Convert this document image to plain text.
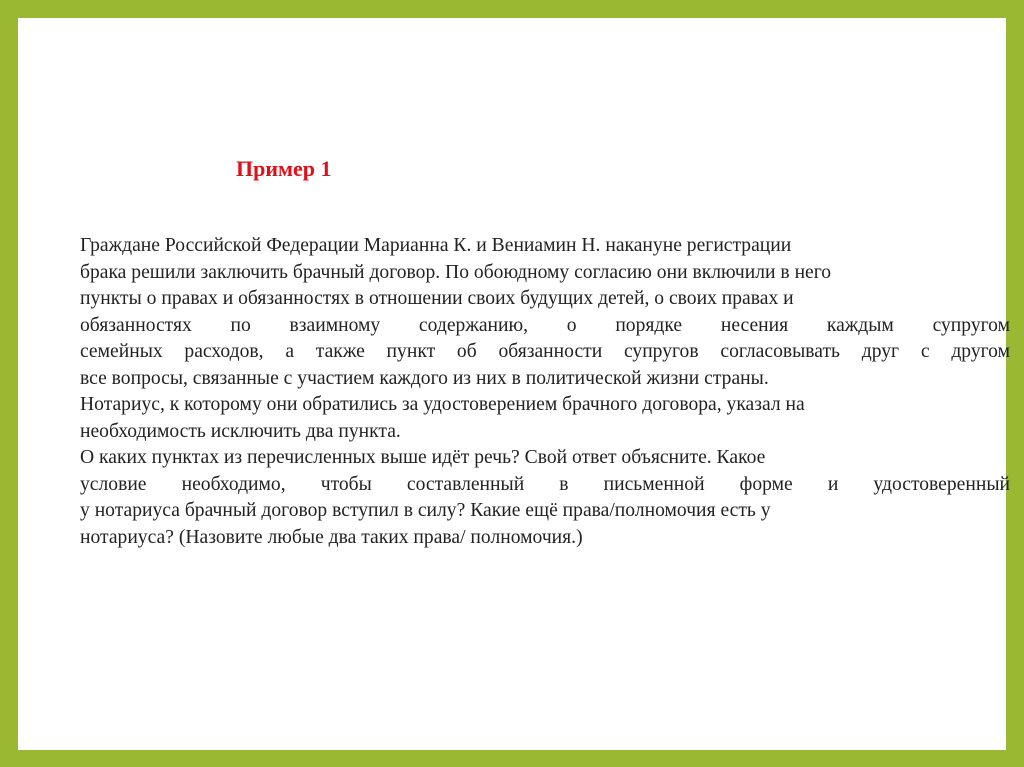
Пример 1
Граждане Российской Федерации Марианна К. и Вениамин Н. накануне регистрации
брака решили заключить брачный договор. По обоюдному согласию они включили в него
пункты о правах и обязанностях в отношении своих будущих детей, о своих правах и
обязанностях по взаимному содержанию, о порядке несения каждым супругом
семейных расходов, а также пункт об обязанности супругов согласовывать друг с другом
все вопросы, связанные с участием каждого из них в политической жизни страны.
Нотариус, к которому они обратились за удостоверением брачного договора, указал на
необходимость исключить два пункта.
О каких пунктах из перечисленных выше идёт речь? Свой ответ объясните. Какое
условие необходимо, чтобы составленный в письменной форме и удостоверенный
у нотариуса брачный договор вступил в силу? Какие ещё права/полномочия есть у
нотариуса? (Назовите любые два таких права/ полномочия.)
